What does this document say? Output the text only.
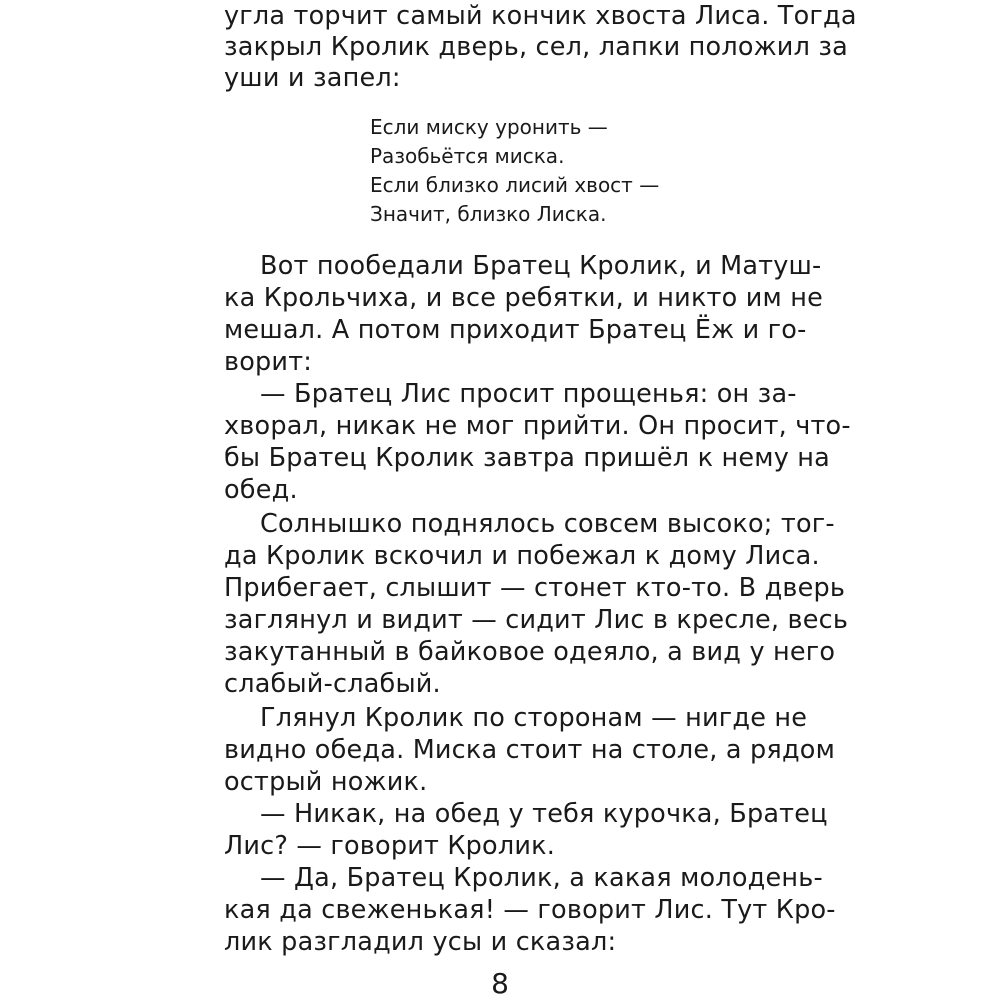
угла торчит самый кончик хвоста Лиса. Тогда
закрыл Кролик дверь, сел, лапки положил за
уши и запел:
Если миску уронить —
Разобьётся миска.
Если близко лисий хвост —
Значит, близко Лиска.
Вот пообедали Братец Кролик, и Матуш-
ка Крольчиха, и все ребятки, и никто им не
мешал. А потом приходит Братец Ёж и го-
ворит:
— Братец Лис просит прощенья: он за-
хворал, никак не мог прийти. Он просит, что-
бы Братец Кролик завтра пришёл к нему на
обед.
Солнышко поднялось совсем высоко; тог-
да Кролик вскочил и побежал к дому Лиса.
Прибегает, слышит — стонет кто-то. В дверь
заглянул и видит — сидит Лис в кресле, весь
закутанный в байковое одеяло, а вид у него
слабый-слабый.
Глянул Кролик по сторонам — нигде не
видно обеда. Миска стоит на столе, а рядом
острый ножик.
— Никак, на обед у тебя курочка, Братец
Лис? — говорит Кролик.
— Да, Братец Кролик, а какая молодень-
кая да свеженькая! — говорит Лис. Тут Кро-
лик разгладил усы и сказал:
8
